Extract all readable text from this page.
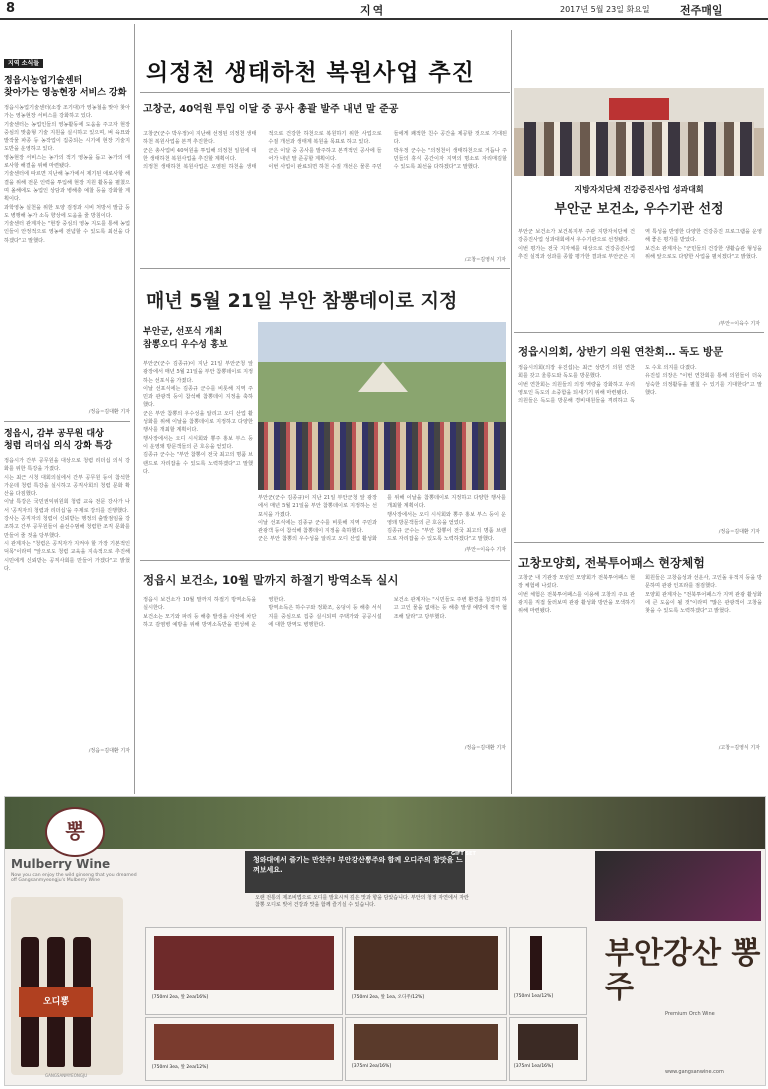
8	지역	2017년 5월 23일 화요일	전주매일
지역 소식들
정읍시농업기술센터
찾아가는 영농현장 서비스 강화
정읍시농업기술센터(소장 조기대)가 영농철을 맞아 찾아가는 영농현장 서비스를 강화하고 있다.
기술센터는 농업인들의 영농활동에 도움을 주고자 현장 중심의 맞춤형 기술 지원을 실시하고 있으며, 벼 육묘와 밭작물 파종 등 농작업이 집중되는 시기에 현장 기술지도반을 운영하고 있다.
영농현장 서비스는 농가의 적기 영농을 돕고 농가의 애로사항 해결을 위해 마련됐다.
기술센터에 따르면 지난해 농가에서 제기된 애로사항 해결을 위해 전문 인력을 투입해 현장 지원 활동을 펼쳤으며 올해에도 농업인 상담과 병해충 예찰 등을 강화할 계획이다.
과학영농 실천을 위한 토양 검정과 시비 처방서 발급 등도 병행해 농가 소득 향상에 도움을 줄 방침이다.
기술센터 관계자는 "현장 중심의 영농 지도를 통해 농업인들이 안정적으로 영농에 전념할 수 있도록 최선을 다하겠다"고 말했다.
/정읍=김대환 기자
정읍시, 감부 공무원 대상
청렴 리더십 의식 강화 특강
정읍시가 간부 공무원을 대상으로 청렴 리더십 의식 강화를 위한 특강을 가졌다.
시는 최근 시청 대회의실에서 간부 공무원 등이 참석한 가운데 청렴 특강을 실시하고 공직사회의 청렴 문화 확산을 다짐했다.
이날 특강은 국민권익위원회 청렴 교육 전문 강사가 나서 '공직자의 청렴과 리더십'을 주제로 강의를 진행했다.
강사는 공직자의 청렴이 신뢰받는 행정의 출발점임을 강조하고 간부 공무원들이 솔선수범해 청렴한 조직 문화를 만들어 줄 것을 당부했다.
시 관계자는 "청렴은 공직자가 지켜야 할 가장 기본적인 덕목"이라며 "앞으로도 청렴 교육을 지속적으로 추진해 시민에게 신뢰받는 공직사회를 만들어 가겠다"고 밝혔다.
/정읍=김대환 기자
의정천 생태하천 복원사업 추진
고창군, 40억원 투입 이달 중 공사 총괄 발주 내년 말 준공
고창군(군수 박우정)이 지난해 선정된 의정천 생태하천 복원사업을 본격 추진한다.
군은 총사업비 40억원을 투입해 의정천 일원에 대한 생태하천 복원사업을 추진할 계획이다.
의정천 생태하천 복원사업은 오염된 하천을 생태적으로 건강한 하천으로 복원하기 위한 사업으로 수질 개선과 생태계 복원을 목표로 하고 있다.
군은 이달 중 공사를 발주하고 본격적인 공사에 들어가 내년 말 준공할 계획이다.
이번 사업이 완료되면 하천 수질 개선은 물론 주민들에게 쾌적한 친수 공간을 제공할 것으로 기대된다.
박우정 군수는 "의정천이 생태하천으로 거듭나 주민들의 휴식 공간이자 지역의 명소로 자리매김할 수 있도록 최선을 다하겠다"고 말했다.
/고창=김영식 기자
지방자치단체 건강증진사업 성과대회
부안군 보건소, 우수기관 선정
부안군 보건소가 보건복지부 주관 지방자치단체 건강증진사업 성과대회에서 우수기관으로 선정됐다.
이번 평가는 전국 지자체를 대상으로 건강증진사업 추진 실적과 성과를 종합 평가한 결과로 부안군은 지역 특성을 반영한 다양한 건강증진 프로그램을 운영해 좋은 평가를 받았다.
보건소 관계자는 "군민들의 건강한 생활습관 형성을 위해 앞으로도 다양한 사업을 펼치겠다"고 밝혔다.
/부안=이육수 기자
매년 5월 21일 부안 참뽕데이로 지정
부안군, 선포식 개최
참뽕오디 우수성 홍보
부안군(군수 김종규)이 지난 21일 부안군청 앞 광장에서 매년 5월 21일을 부안 참뽕데이로 지정하는 선포식을 가졌다.
이날 선포식에는 김종규 군수를 비롯해 지역 주민과 관광객 등이 참석해 참뽕데이 지정을 축하했다.
군은 부안 참뽕의 우수성을 알리고 오디 산업 활성화를 위해 이날을 참뽕데이로 지정하고 다양한 행사를 개최할 계획이다.
행사장에서는 오디 시식회와 뽕주 홍보 부스 등이 운영돼 방문객들의 큰 호응을 얻었다.
김종규 군수는 "부안 참뽕이 전국 최고의 명품 브랜드로 자리잡을 수 있도록 노력하겠다"고 말했다.
부안군(군수 김종규)이 지난 21일 부안군청 앞 광장에서 매년 5월 21일을 부안 참뽕데이로 지정하는 선포식을 가졌다.
이날 선포식에는 김종규 군수를 비롯해 지역 주민과 관광객 등이 참석해 참뽕데이 지정을 축하했다.
군은 부안 참뽕의 우수성을 알리고 오디 산업 활성화를 위해 이날을 참뽕데이로 지정하고 다양한 행사를 개최할 계획이다.
행사장에서는 오디 시식회와 뽕주 홍보 부스 등이 운영돼 방문객들의 큰 호응을 얻었다.
김종규 군수는 "부안 참뽕이 전국 최고의 명품 브랜드로 자리잡을 수 있도록 노력하겠다"고 말했다.
/부안=이육수 기자
정읍시의회, 상반기 의원 연찬회… 독도 방문
정읍시의회(의장 유진섭)는 최근 상반기 의원 연찬회를 갖고 울릉도와 독도를 방문했다.
이번 연찬회는 의원들의 의정 역량을 강화하고 우리 영토인 독도의 소중함을 되새기기 위해 마련됐다.
의원들은 독도를 방문해 경비대원들을 격려하고 독도 수호 의지를 다졌다.
유진섭 의장은 "이번 연찬회를 통해 의원들이 더욱 성숙한 의정활동을 펼칠 수 있기를 기대한다"고 말했다.
/정읍=김대환 기자
고창모양회, 전북투어패스 현장체험
고창군 내 기관장 모임인 모양회가 전북투어패스 현장 체험에 나섰다.
이번 체험은 전북투어패스를 이용해 고창의 주요 관광지를 직접 둘러보며 관광 활성화 방안을 모색하기 위해 마련됐다.
회원들은 고창읍성과 선운사, 고인돌 유적지 등을 방문하며 관광 인프라를 점검했다.
모양회 관계자는 "전북투어패스가 지역 관광 활성화에 큰 도움이 될 것"이라며 "많은 관광객이 고창을 찾을 수 있도록 노력하겠다"고 밝혔다.
/고창=김영식 기자
정읍시 보건소, 10월 말까지 하절기 방역소독 실시
정읍시 보건소가 10월 말까지 하절기 방역소독을 실시한다.
보건소는 모기와 파리 등 해충 발생을 사전에 차단하고 감염병 예방을 위해 방역소독반을 편성해 운영한다.
방역소독은 하수구와 정화조, 웅덩이 등 해충 서식지를 중심으로 집중 실시되며 주택가와 공공시설에 대한 방역도 병행한다.
보건소 관계자는 "시민들도 주변 환경을 청결히 하고 고인 물을 없애는 등 해충 발생 예방에 적극 협조해 달라"고 당부했다.
/정읍=김대환 기자
뽕
Mulberry Wine
Now you can enjoy the wild ginseng that you dreamed off Gangsanmyeongju's Mulberry Wine
오디뽕
GANGSANMYEONGJU
청와대에서 즐기는 만찬주! 부안강산뽕주와 함께 오디주의 참맛을 느껴보세요.
오랜 전통의 제조비법으로 오디를 발효시켜 깊은 맛과 향을 담았습니다. 부안의 청정 자연에서 자란 참뽕 오디로 빚어 건강과 맛을 함께 즐기실 수 있습니다.
[750ml 2ea, 앞 2ea/16%]	[750ml 2ea, 앞 1ea, 오디주/12%]	[750ml 1ea/12%]
[750ml 3ea, 앞 2ea/12%]	[375ml 2ea/16%]	[375ml 1ea/16%]
GIFT SET
부안강산 뽕주
Premium Orch Wine
www.gangsanwine.com
